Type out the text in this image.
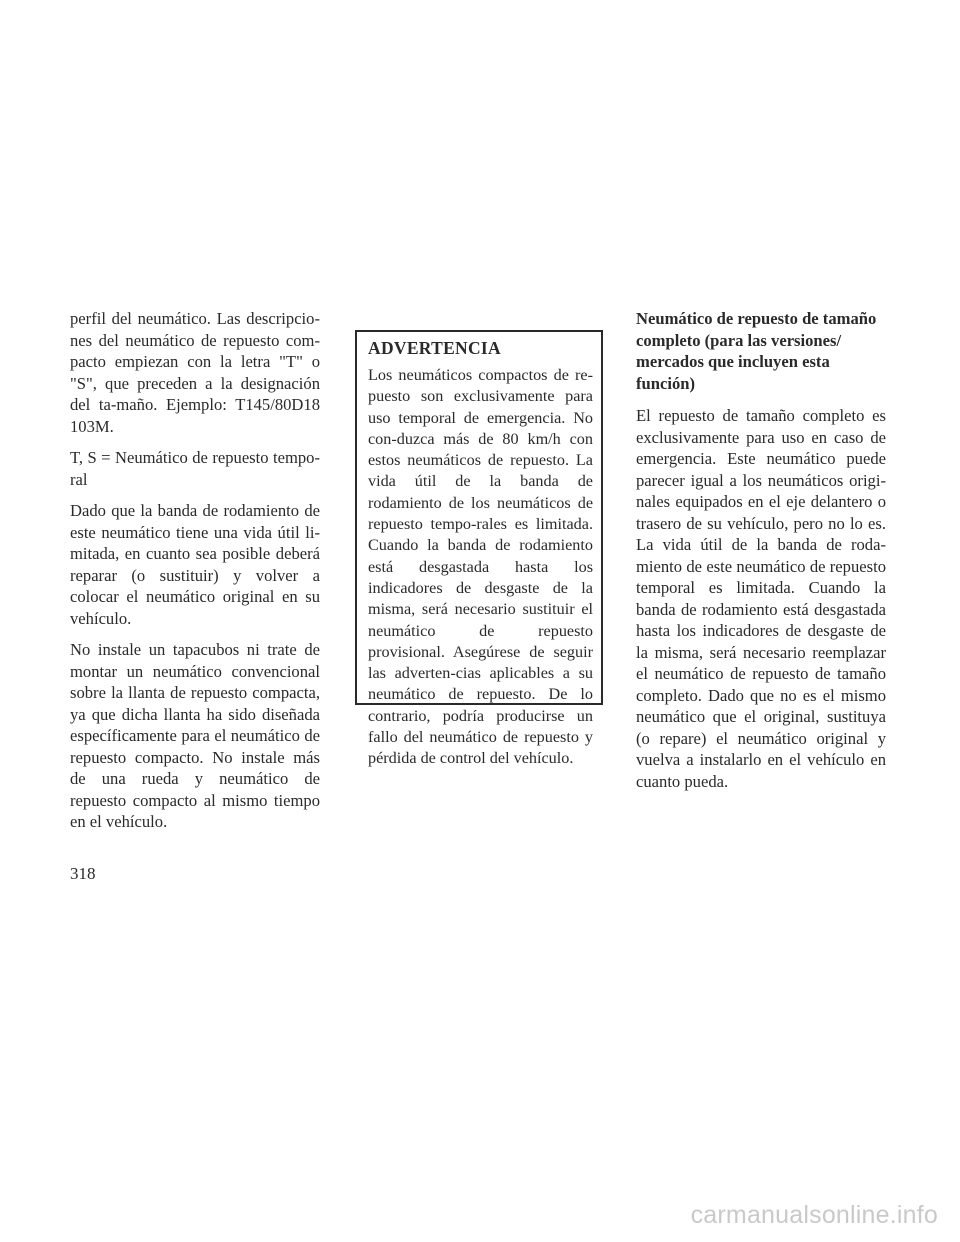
perfil del neumático. Las descripcio-nes del neumático de repuesto com-pacto empiezan con la letra "T" o "S", que preceden a la designación del ta-maño. Ejemplo: T145/80D18 103M.

T, S = Neumático de repuesto tempo-ral

Dado que la banda de rodamiento de este neumático tiene una vida útil li-mitada, en cuanto sea posible deberá reparar (o sustituir) y volver a colocar el neumático original en su vehículo.

No instale un tapacubos ni trate de montar un neumático convencional sobre la llanta de repuesto compacta, ya que dicha llanta ha sido diseñada específicamente para el neumático de repuesto compacto. No instale más de una rueda y neumático de repuesto compacto al mismo tiempo en el vehículo.

ADVERTENCIA

Los neumáticos compactos de re-puesto son exclusivamente para uso temporal de emergencia. No con-duzca más de 80 km/h con estos neumáticos de repuesto. La vida útil de la banda de rodamiento de los neumáticos de repuesto tempo-rales es limitada. Cuando la banda de rodamiento está desgastada hasta los indicadores de desgaste de la misma, será necesario sustituir el neumático de repuesto provisional. Asegúrese de seguir las adverten-cias aplicables a su neumático de repuesto. De lo contrario, podría producirse un fallo del neumático de repuesto y pérdida de control del vehículo.

Neumático de repuesto de tamaño completo (para las versiones/ mercados que incluyen esta función)

El repuesto de tamaño completo es exclusivamente para uso en caso de emergencia. Este neumático puede parecer igual a los neumáticos origi-nales equipados en el eje delantero o trasero de su vehículo, pero no lo es. La vida útil de la banda de roda-miento de este neumático de repuesto temporal es limitada. Cuando la banda de rodamiento está desgastada hasta los indicadores de desgaste de la misma, será necesario reemplazar el neumático de repuesto de tamaño completo. Dado que no es el mismo neumático que el original, sustituya (o repare) el neumático original y vuelva a instalarlo en el vehículo en cuanto pueda.

318
carmanualsonline.info
